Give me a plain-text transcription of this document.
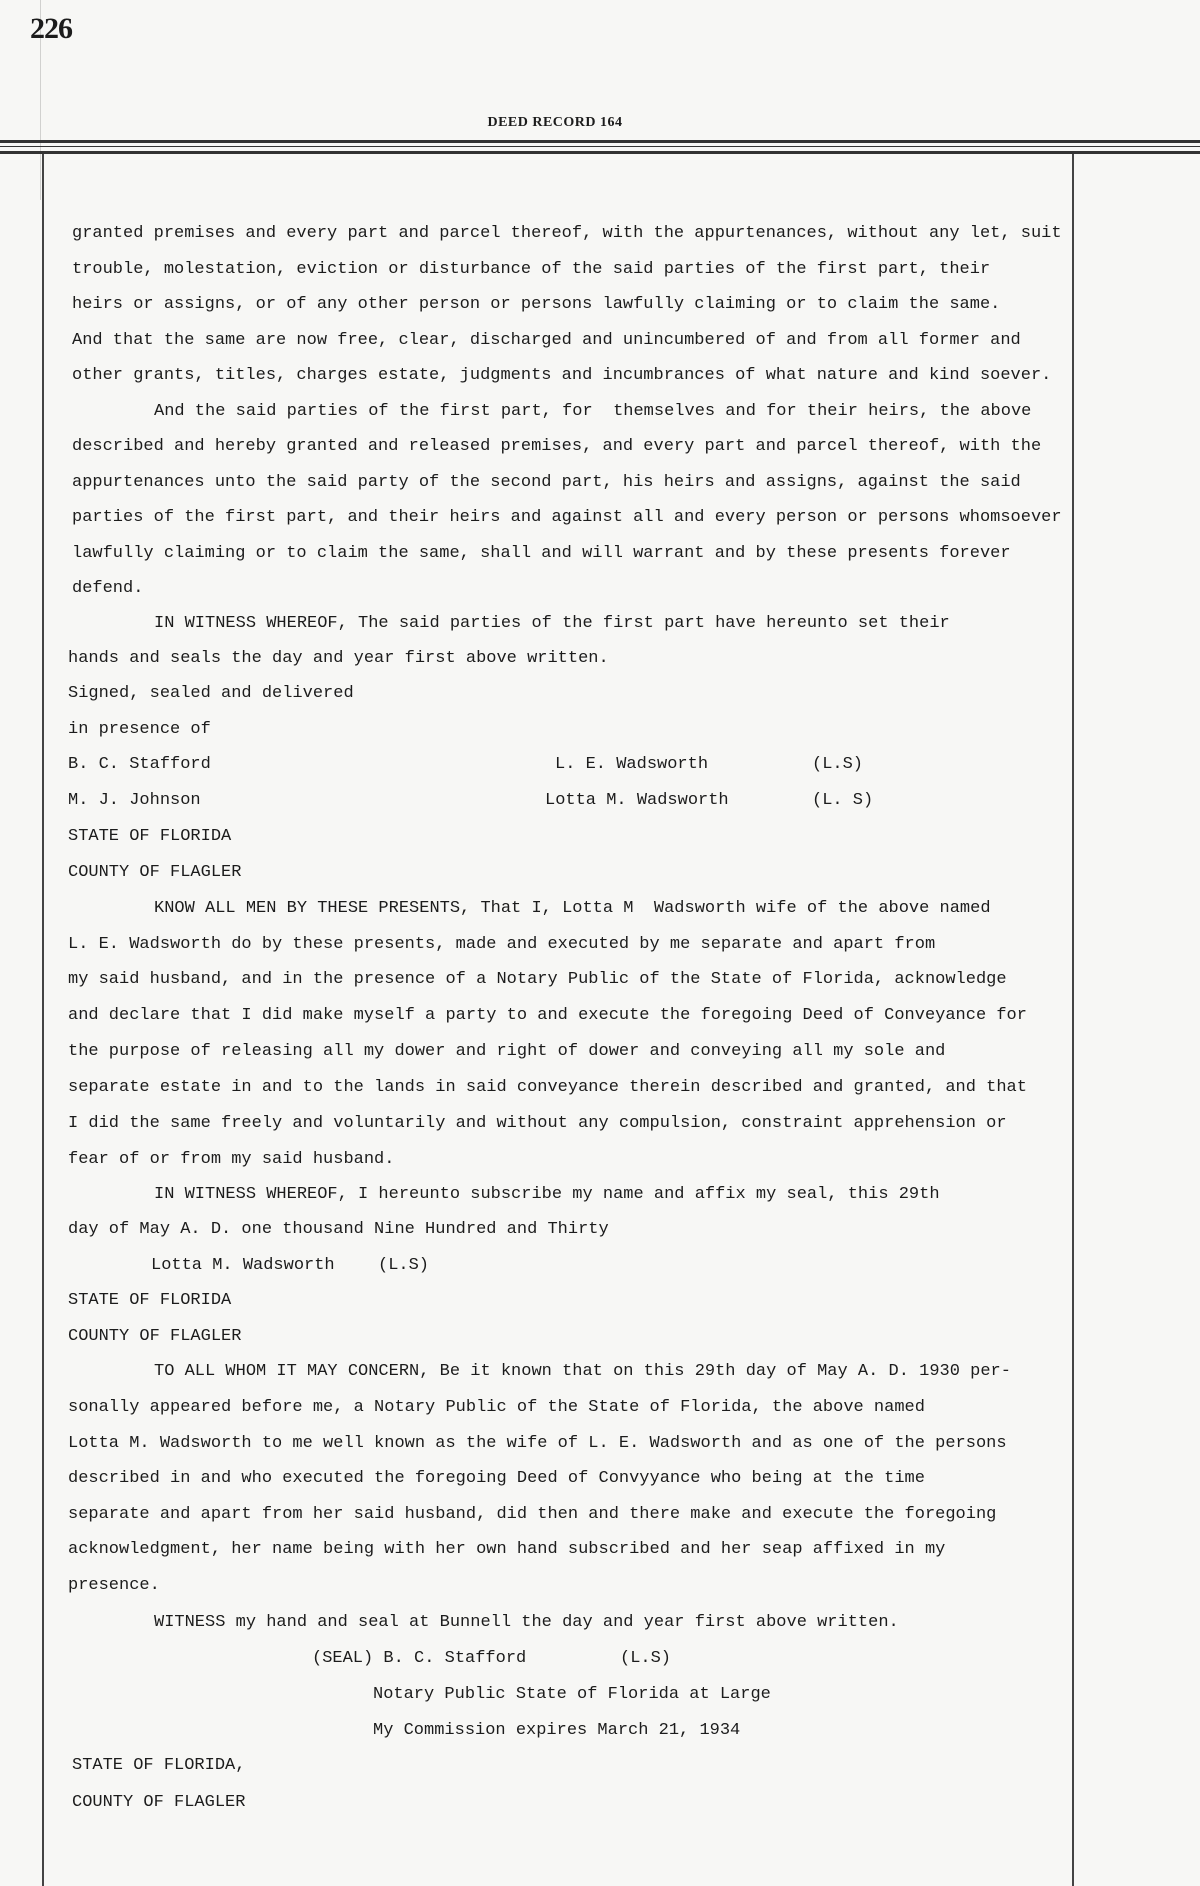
226
DEED RECORD 164
granted premises and every part and parcel thereof, with the appurtenances, without any let, suit
trouble, molestation, eviction or disturbance of the said parties of the first part, their
heirs or assigns, or of any other person or persons lawfully claiming or to claim the same.
And that the same are now free, clear, discharged and unincumbered of and from all former and
other grants, titles, charges estate, judgments and incumbrances of what nature and kind soever.
And the said parties of the first part, for  themselves and for their heirs, the above
described and hereby granted and released premises, and every part and parcel thereof, with the
appurtenances unto the said party of the second part, his heirs and assigns, against the said
parties of the first part, and their heirs and against all and every person or persons whomsoever
lawfully claiming or to claim the same, shall and will warrant and by these presents forever
defend.
IN WITNESS WHEREOF, The said parties of the first part have hereunto set their
hands and seals the day and year first above written.
Signed, sealed and delivered
in presence of
B. C. Stafford	L. E. Wadsworth	(L.S)
M. J. Johnson	Lotta M. Wadsworth	(L. S)
STATE OF FLORIDA
COUNTY OF FLAGLER
KNOW ALL MEN BY THESE PRESENTS, That I, Lotta M  Wadsworth wife of the above named
L. E. Wadsworth do by these presents, made and executed by me separate and apart from
my said husband, and in the presence of a Notary Public of the State of Florida, acknowledge
and declare that I did make myself a party to and execute the foregoing Deed of Conveyance for
the purpose of releasing all my dower and right of dower and conveying all my sole and
separate estate in and to the lands in said conveyance therein described and granted, and that
I did the same freely and voluntarily and without any compulsion, constraint apprehension or
fear of or from my said husband.
IN WITNESS WHEREOF, I hereunto subscribe my name and affix my seal, this 29th
day of May A. D. one thousand Nine Hundred and Thirty
Lotta M. Wadsworth	(L.S)
STATE OF FLORIDA
COUNTY OF FLAGLER
TO ALL WHOM IT MAY CONCERN, Be it known that on this 29th day of May A. D. 1930 per-
sonally appeared before me, a Notary Public of the State of Florida, the above named
Lotta M. Wadsworth to me well known as the wife of L. E. Wadsworth and as one of the persons
described in and who executed the foregoing Deed of Convyyance who being at the time
separate and apart from her said husband, did then and there make and execute the foregoing
acknowledgment, her name being with her own hand subscribed and her seap affixed in my
presence.
WITNESS my hand and seal at Bunnell the day and year first above written.
(SEAL) B. C. Stafford	(L.S)
Notary Public State of Florida at Large
My Commission expires March 21, 1934
STATE OF FLORIDA,
COUNTY OF FLAGLER
